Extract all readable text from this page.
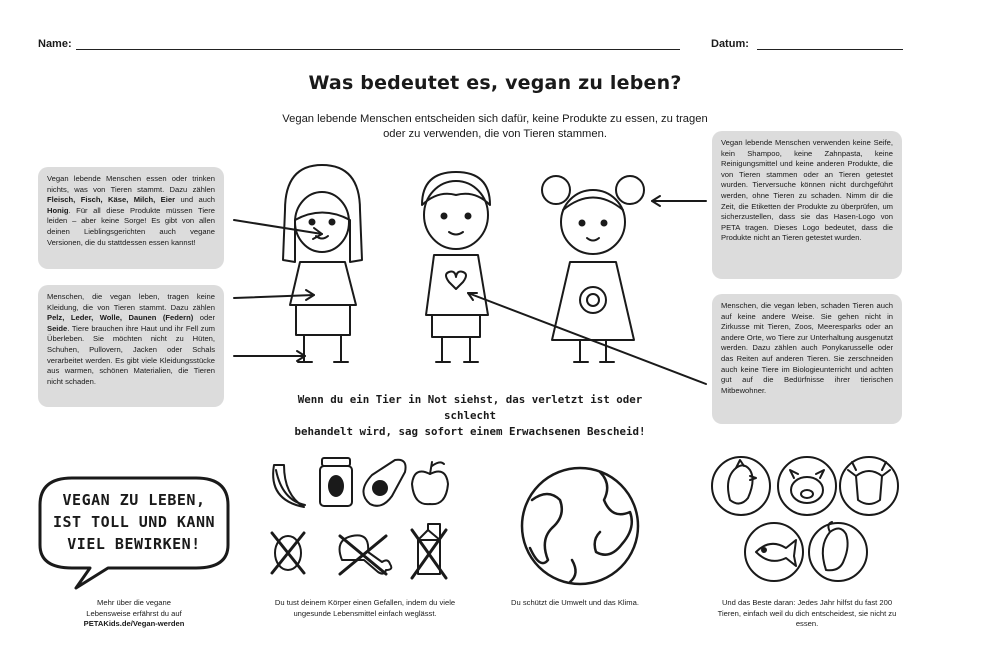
Name:	Datum:
Was bedeutet es, vegan zu leben?
Vegan lebende Menschen entscheiden sich dafür, keine Produkte zu essen, zu tragen oder zu verwenden, die von Tieren stammen.
Vegan lebende Menschen essen oder trinken nichts, was von Tieren stammt. Dazu zählen Fleisch, Fisch, Käse, Milch, Eier und auch Honig. Für all diese Produkte müssen Tiere leiden – aber keine Sorge! Es gibt von allen deinen Lieblingsgerichten auch vegane Versionen, die du stattdessen essen kannst!
Menschen, die vegan leben, tragen keine Kleidung, die von Tieren stammt. Dazu zählen Pelz, Leder, Wolle, Daunen (Federn) oder Seide. Tiere brauchen ihre Haut und ihr Fell zum Überleben. Sie möchten nicht zu Hüten, Schuhen, Pullovern, Jacken oder Schals verarbeitet werden. Es gibt viele Kleidungsstücke aus warmen, schönen Materialien, die Tieren nicht schaden.
Vegan lebende Menschen verwenden keine Seife, kein Shampoo, keine Zahnpasta, keine Reinigungsmittel und keine anderen Produkte, die von Tieren stammen oder an Tieren getestet wurden. Tierversuche können nicht durchgeführt werden, ohne Tieren zu schaden. Nimm dir die Zeit, die Etiketten der Produkte zu überprüfen, um sicherzustellen, dass sie das Hasen-Logo von PETA tragen. Dieses Logo bedeutet, dass die Produkte nicht an Tieren getestet wurden.
Menschen, die vegan leben, schaden Tieren auch auf keine andere Weise. Sie gehen nicht in Zirkusse mit Tieren, Zoos, Meeresparks oder an andere Orte, wo Tiere zur Unterhaltung ausgenutzt werden. Dazu zählen auch Ponykarusselle oder das Reiten auf anderen Tieren. Sie zerschneiden auch keine Tiere im Biologieunterricht und achten gut auf die Bedürfnisse ihrer tierischen Mitbewohner.
Wenn du ein Tier in Not siehst, das verletzt ist oder schlecht
behandelt wird, sag sofort einem Erwachsenen Bescheid!
VEGAN ZU LEBEN,
IST TOLL UND KANN
VIEL BEWIRKEN!
Mehr über die vegane
Lebensweise erfährst du auf
PETAKids.de/Vegan-werden
Du tust deinem Körper einen Gefallen, indem du viele ungesunde Lebensmittel einfach weglässt.
Du schützt die Umwelt und das Klima.	Und das Beste daran: Jedes Jahr hilfst du fast 200 Tieren, einfach weil du dich entscheidest, sie nicht zu essen.
